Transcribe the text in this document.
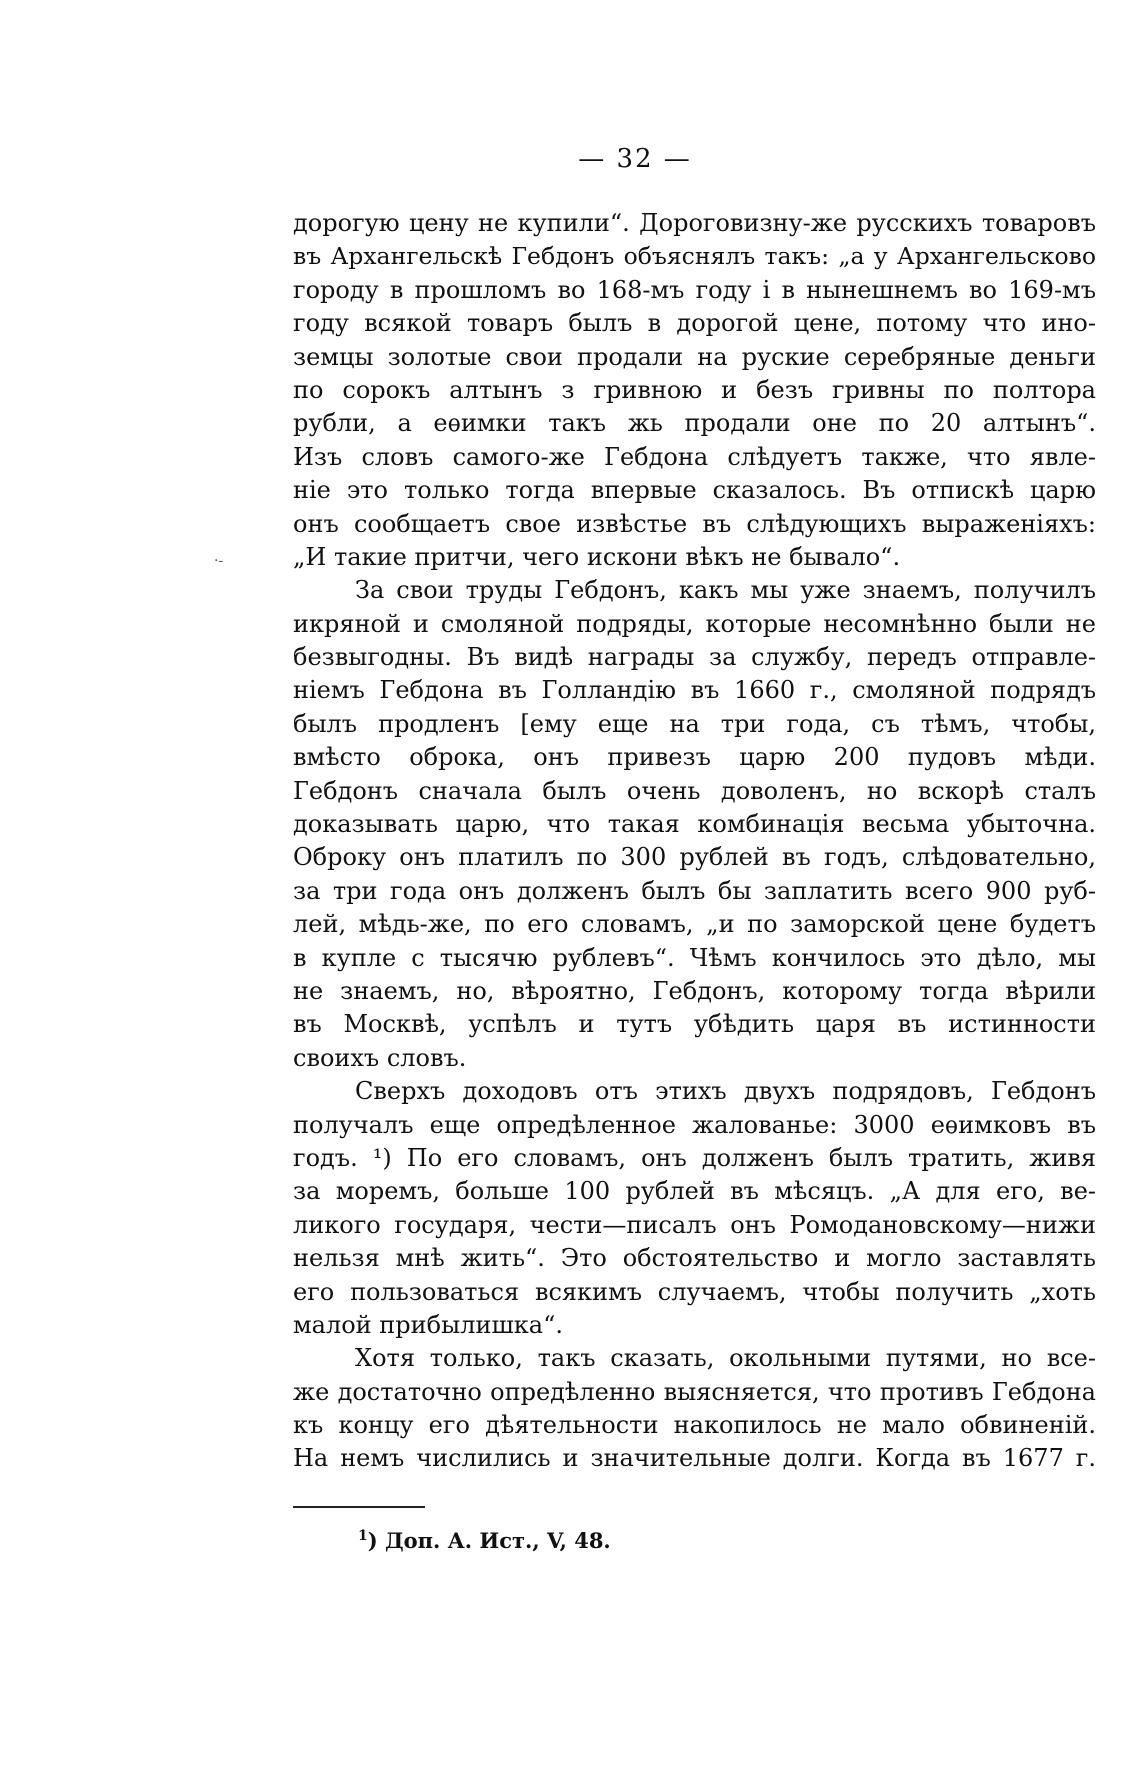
— 32 —
·-
дорогую цену не купили“. Дороговизну-же русскихъ товаровъ
въ Архангельскѣ Гебдонъ объяснялъ такъ: „а у Архангельсково
городу в прошломъ во 168-мъ году і в нынешнемъ во 169-мъ
году всякой товаръ былъ в дорогой цене, потому что ино-
земцы золотые свои продали на руские серебряные деньги
по сорокъ алтынъ з гривною и безъ гривны по полтора
рубли, а еѳимки такъ жь продали оне по 20 алтынъ“.
Изъ словъ самого-же Гебдона слѣдуетъ также, что явле-
ніе это только тогда впервые сказалось. Въ отпискѣ царю
онъ сообщаетъ свое извѣстье въ слѣдующихъ выраженіяхъ:
„И такие притчи, чего искони вѣкъ не бывало“.
За свои труды Гебдонъ, какъ мы уже знаемъ, получилъ
икряной и смоляной подряды, которые несомнѣнно были не
безвыгодны. Въ видѣ награды за службу, передъ отправле-
ніемъ Гебдона въ Голландію въ 1660 г., смоляной подрядъ
былъ продленъ [ему еще на три года, съ тѣмъ, чтобы,
вмѣсто оброка, онъ привезъ царю 200 пудовъ мѣди.
Гебдонъ сначала былъ очень доволенъ, но вскорѣ сталъ
доказывать царю, что такая комбинація весьма убыточна.
Оброку онъ платилъ по 300 рублей въ годъ, слѣдовательно,
за три года онъ долженъ былъ бы заплатить всего 900 руб-
лей, мѣдь-же, по его словамъ, „и по заморской цене будетъ
в купле с тысячю рублевъ“. Чѣмъ кончилось это дѣло, мы
не знаемъ, но, вѣроятно, Гебдонъ, которому тогда вѣрили
въ Москвѣ, успѣлъ и тутъ убѣдить царя въ истинности
своихъ словъ.
Сверхъ доходовъ отъ этихъ двухъ подрядовъ, Гебдонъ
получалъ еще опредѣленное жалованье: 3000 еѳимковъ въ
годъ. ¹) По его словамъ, онъ долженъ былъ тратить, живя
за моремъ, больше 100 рублей въ мѣсяцъ. „А для его, ве-
ликого государя, чести—писалъ онъ Ромодановскому—нижи
нельзя мнѣ жить“. Это обстоятельство и могло заставлять
его пользоваться всякимъ случаемъ, чтобы получить „хоть
малой прибылишка“.
Хотя только, такъ сказать, окольными путями, но все-
же достаточно опредѣленно выясняется, что противъ Гебдона
къ концу его дѣятельности накопилось не мало обвиненій.
На немъ числились и значительные долги. Когда въ 1677 г.
$^1$) Доп. А. Ист., V, 48.
